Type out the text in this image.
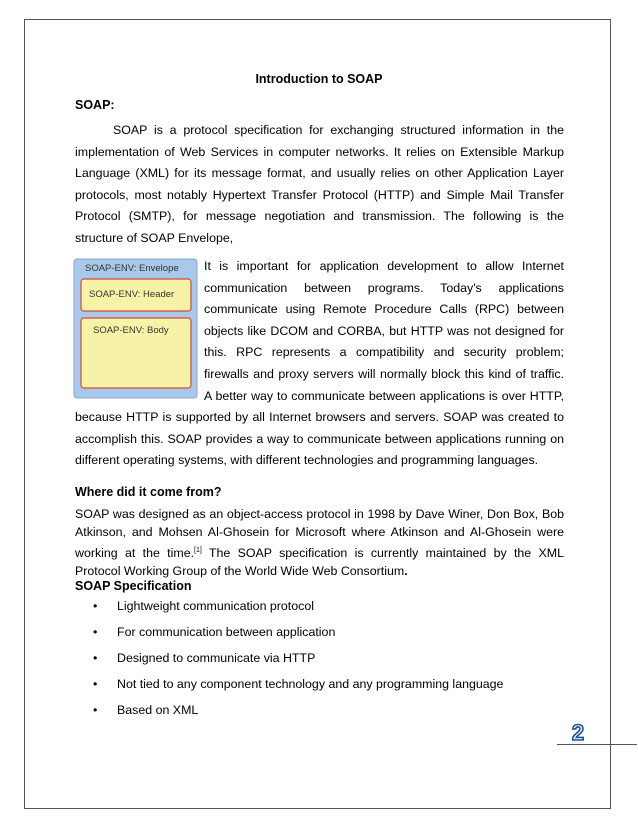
Introduction to SOAP
SOAP:
SOAP is a protocol specification for exchanging structured information in the implementation of Web Services in computer networks. It relies on Extensible Markup Language (XML) for its message format, and usually relies on other Application Layer protocols, most notably Hypertext Transfer Protocol (HTTP) and Simple Mail Transfer Protocol (SMTP), for message negotiation and transmission. The following is the structure of SOAP Envelope,
SOAP-ENV: Envelope
SOAP-ENV: Header
SOAP-ENV: Body
It is important for application development to allow Internet communication between programs. Today's applications communicate using Remote Procedure Calls (RPC) between objects like DCOM and CORBA, but HTTP was not designed for this. RPC represents a compatibility and security problem; firewalls and proxy servers will normally block this kind of traffic. A better way to communicate between applications is over HTTP,
because HTTP is supported by all Internet browsers and servers. SOAP was created to accomplish this. SOAP provides a way to communicate between applications running on different operating systems, with different technologies and programming languages.
Where did it come from?
SOAP was designed as an object-access protocol in 1998 by Dave Winer, Don Box, Bob Atkinson, and Mohsen Al-Ghosein for Microsoft where Atkinson and Al-Ghosein were working at the time.[1] The SOAP specification is currently maintained by the XML Protocol Working Group of the World Wide Web Consortium.
SOAP Specification
•	Lightweight communication protocol
•	For communication between application
•	Designed to communicate via HTTP
•	Not tied to any component technology and any programming language
•	Based on XML
2
